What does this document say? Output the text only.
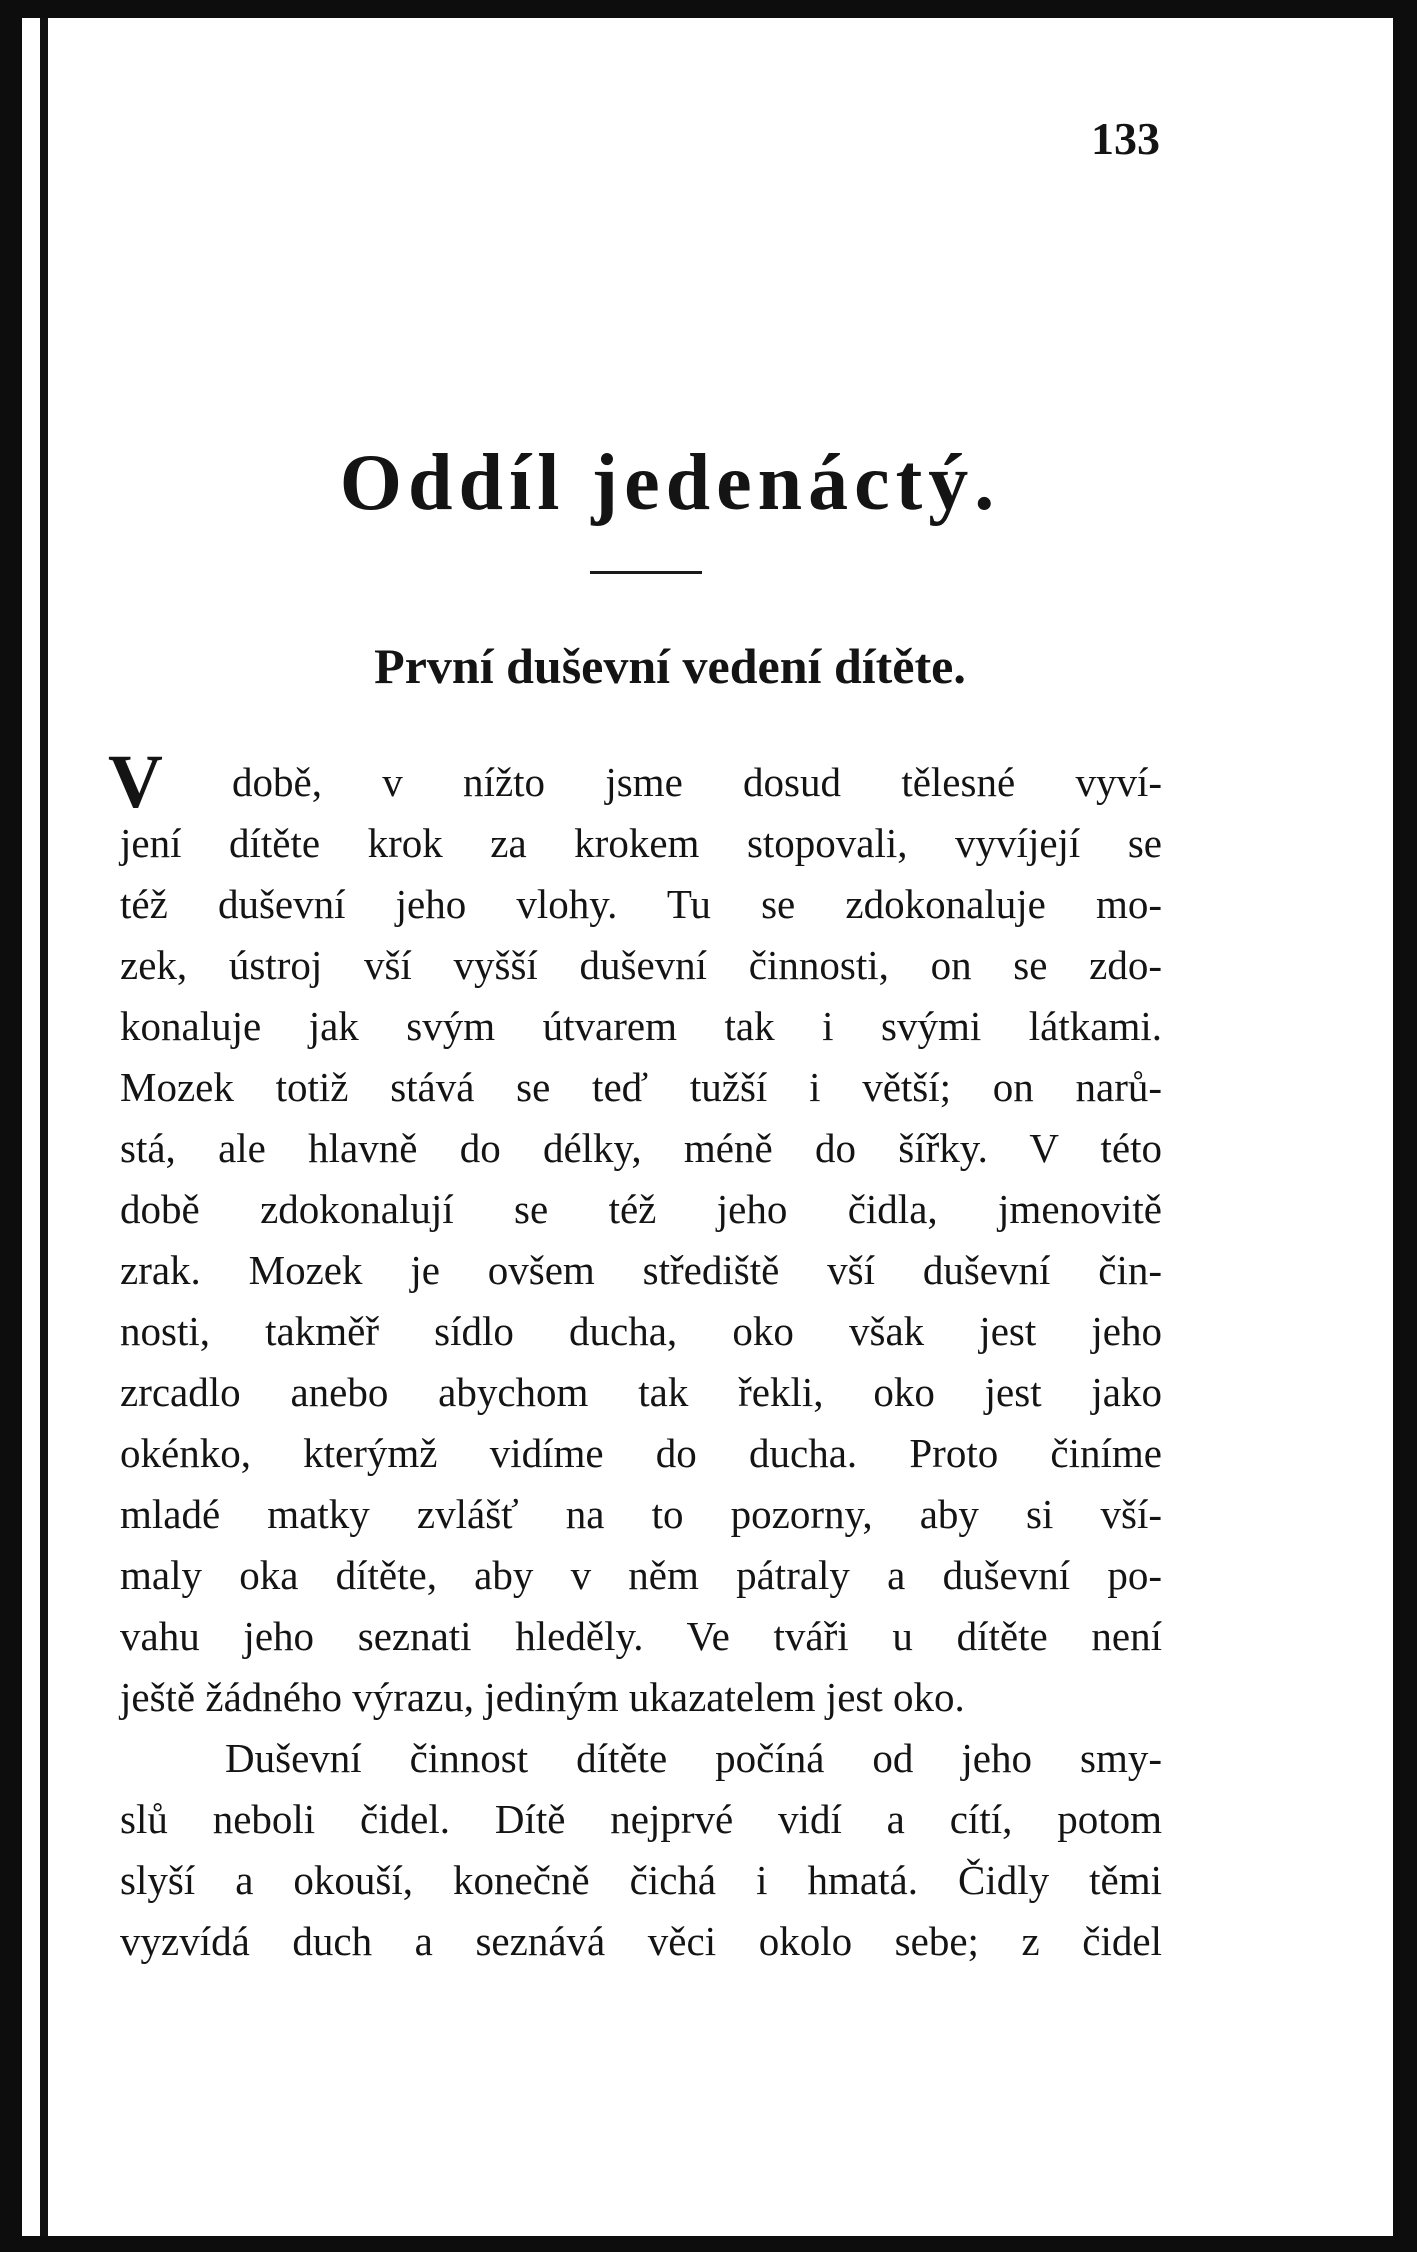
133
Oddíl jedenáctý.
První duševní vedení dítěte.
V	době, v nížto jsme dosud tělesné vyví-
jení dítěte krok za krokem stopovali, vyvíjejí se
též duševní jeho vlohy. Tu se zdokonaluje mo-
zek, ústroj vší vyšší duševní činnosti, on se zdo-
konaluje jak svým útvarem tak i svými látkami.
Mozek totiž stává se teď tužší i větší; on narů-
stá, ale hlavně do délky, méně do šířky. V této
době zdokonalují se též jeho čidla, jmenovitě
zrak. Mozek je ovšem střediště vší duševní čin-
nosti, takměř sídlo ducha, oko však jest jeho
zrcadlo anebo abychom tak řekli, oko jest jako
okénko, kterýmž vidíme do ducha. Proto činíme
mladé matky zvlášť na to pozorny, aby si vší-
maly oka dítěte, aby v něm pátraly a duševní po-
vahu jeho seznati hleděly. Ve tváři u dítěte není
ještě žádného výrazu, jediným ukazatelem jest oko.
Duševní činnost dítěte počíná od jeho smy-
slů neboli čidel. Dítě nejprvé vidí a cítí, potom
slyší a okouší, konečně čichá i hmatá. Čidly těmi
vyzvídá duch a seznává věci okolo sebe; z čidel
